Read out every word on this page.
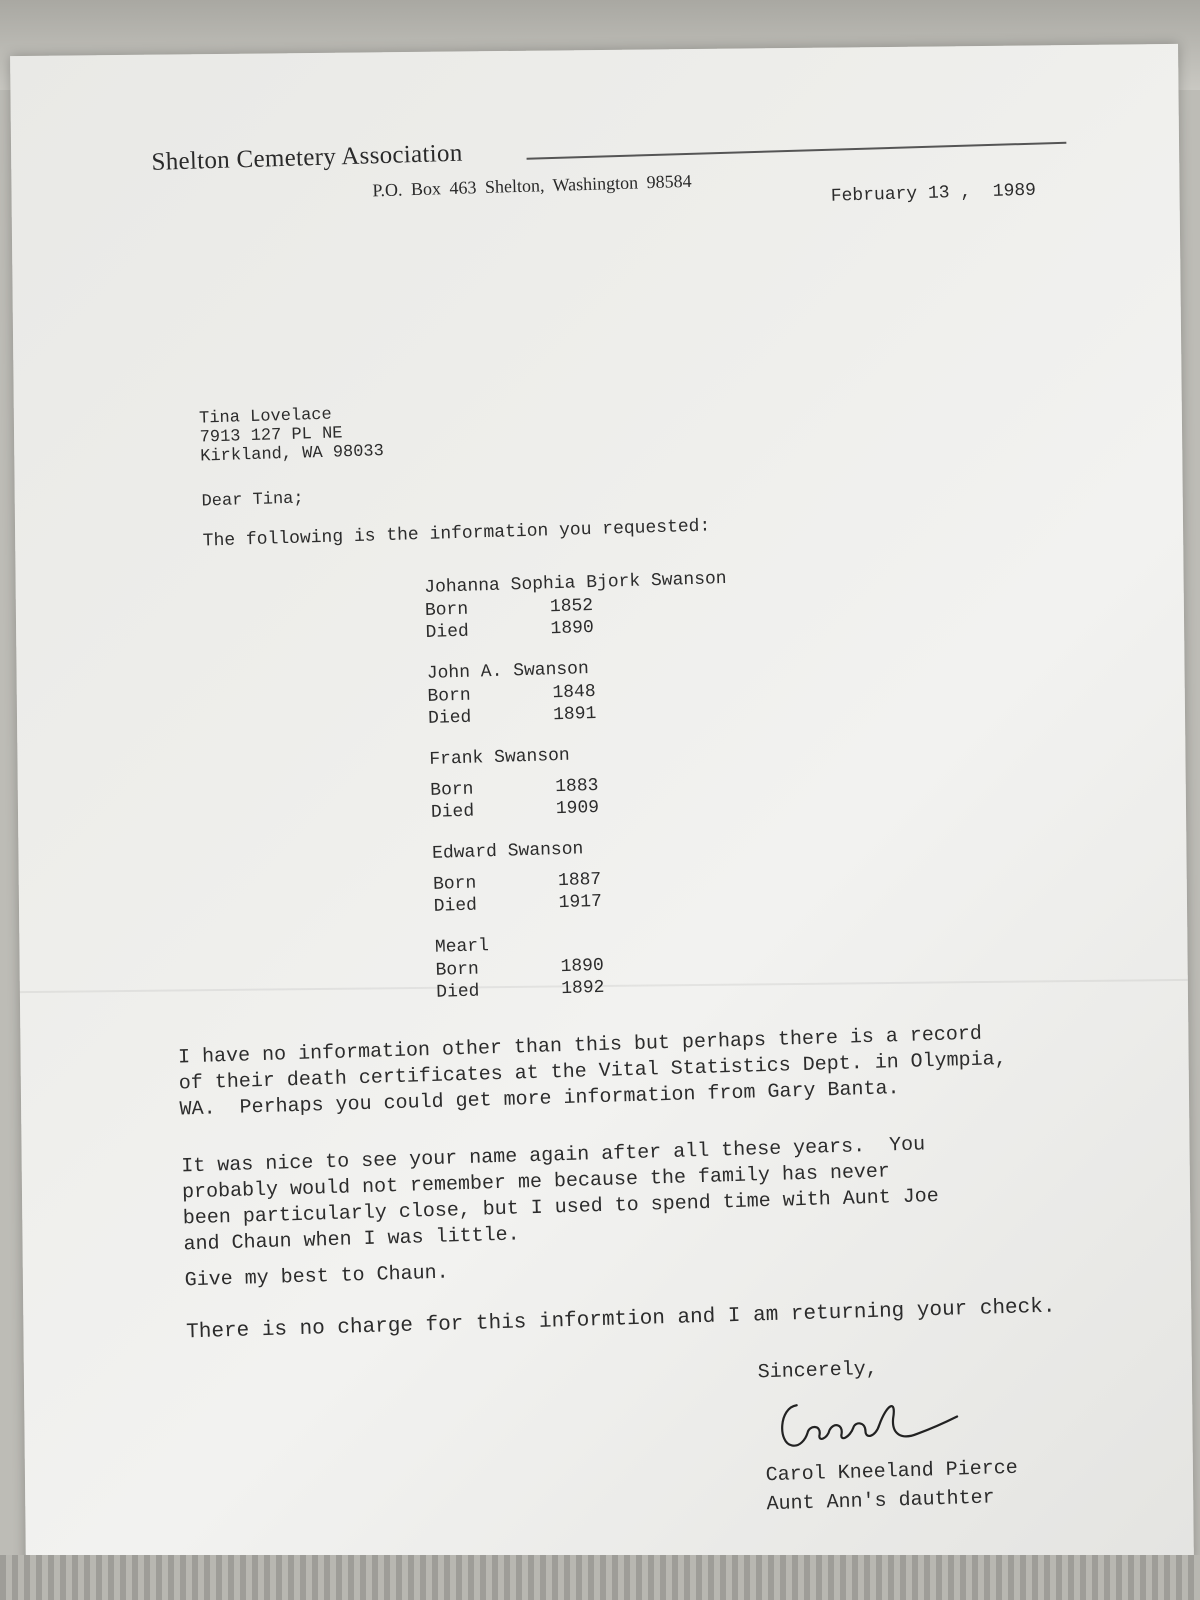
Shelton Cemetery Association
P.O. Box 463 Shelton, Washington 98584	February 13 ,  1989
Tina Lovelace
7913 127 PL NE
Kirkland, WA 98033
Dear Tina;
The following is the information you requested:
Johanna Sophia Bjork Swanson
Born	1852
Died	1890
John A. Swanson
Born	1848
Died	1891
Frank Swanson
Born	1883
Died	1909
Edward Swanson
Born	1887
Died	1917
Mearl
Born	1890
Died	1892
I have no information other than this but perhaps there is a record
of their death certificates at the Vital Statistics Dept. in Olympia,
WA.  Perhaps you could get more information from Gary Banta.
It was nice to see your name again after all these years.  You
probably would not remember me because the family has never
been particularly close, but I used to spend time with Aunt Joe
and Chaun when I was little.
Give my best to Chaun.
There is no charge for this informtion and I am returning your check.
Sincerely,
Carol Kneeland Pierce
Aunt Ann's dauthter
